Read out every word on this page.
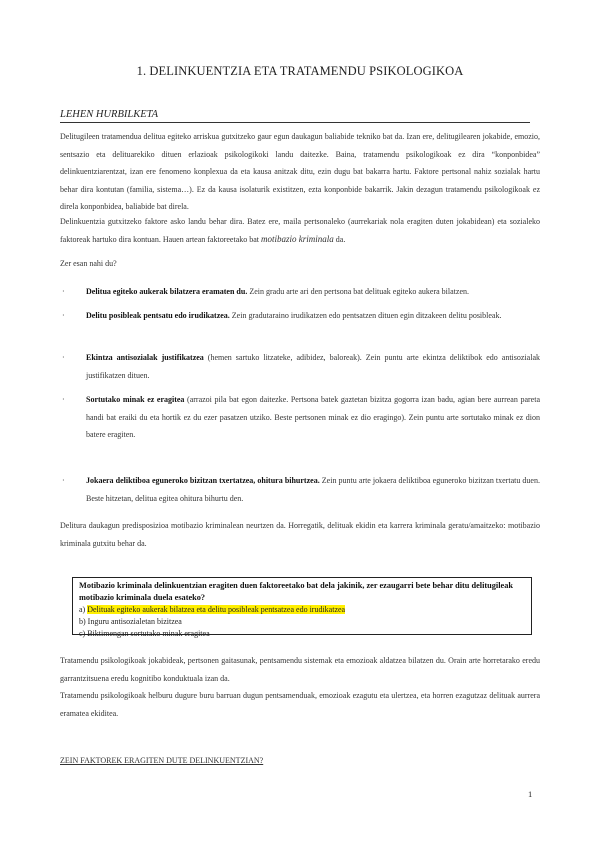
1. DELINKUENTZIA ETA TRATAMENDU PSIKOLOGIKOA
LEHEN HURBILKETA
Delitugileen tratamendua delitua egiteko arriskua gutxitzeko gaur egun daukagun baliabide tekniko bat da. Izan ere, delitugilearen jokabide, emozio, sentsazio eta delituarekiko dituen erlazioak psikologikoki landu daitezke. Baina, tratamendu psikologikoak ez dira “konponbidea” delinkuentziarentzat, izan ere fenomeno konplexua da eta kausa anitzak ditu, ezin dugu bat bakarra hartu. Faktore pertsonal nahiz sozialak hartu behar dira kontutan (familia, sistema…). Ez da kausa isolaturik existitzen, ezta konponbide bakarrik. Jakin dezagun tratamendu psikologikoak ez direla konponbidea, baliabide bat direla.
Delinkuentzia gutxitzeko faktore asko landu behar dira. Batez ere, maila pertsonaleko (aurrekariak nola eragiten duten jokabidean) eta sozialeko faktoreak hartuko dira kontuan. Hauen artean faktoreetako bat motibazio kriminala da.
Zer esan nahi du?
·	Delitua egiteko aukerak bilatzera eramaten du. Zein gradu arte ari den pertsona bat delituak egiteko aukera bilatzen.
·	Delitu posibleak pentsatu edo irudikatzea. Zein gradutaraino irudikatzen edo pentsatzen dituen egin ditzakeen delitu posibleak.
·	Ekintza antisozialak justifikatzea (hemen sartuko litzateke, adibidez, baloreak). Zein puntu arte ekintza deliktibok edo antisozialak justifikatzen dituen.
·	Sortutako minak ez eragitea (arrazoi pila bat egon daitezke. Pertsona batek gaztetan bizitza gogorra izan badu, agian bere aurrean pareta handi bat eraiki du eta hortik ez du ezer pasatzen utziko. Beste pertsonen minak ez dio eragingo). Zein puntu arte sortutako minak ez dion batere eragiten.
·	Jokaera deliktiboa eguneroko bizitzan txertatzea, ohitura bihurtzea. Zein puntu arte jokaera deliktiboa eguneroko bizitzan txertatu duen. Beste hitzetan, delitua egitea ohitura bihurtu den.
Delitura daukagun predisposizioa motibazio kriminalean neurtzen da. Horregatik, delituak ekidin eta karrera kriminala geratu/amaitzeko: motibazio kriminala gutxitu behar da.
Motibazio kriminala delinkuentzian eragiten duen faktoreetako bat dela jakinik, zer ezaugarri bete behar ditu delitugileak motibazio kriminala duela esateko?
a) Delituak egiteko aukerak bilatzea eta delitu posibleak pentsatzea edo irudikatzea
b) Inguru antisozialetan bizitzea
c) Biktimengan sortutako minak eragitea
Tratamendu psikologikoak jokabideak, pertsonen gaitasunak, pentsamendu sistemak eta emozioak aldatzea bilatzen du. Orain arte horretarako eredu garrantzitsuena eredu kognitibo konduktuala izan da.
Tratamendu psikologikoak helburu dugure buru barruan dugun pentsamenduak, emozioak ezagutu eta ulertzea, eta horren ezagutzaz delituak aurrera eramatea ekiditea.
ZEIN FAKTOREK ERAGITEN DUTE DELINKUENTZIAN?
1
